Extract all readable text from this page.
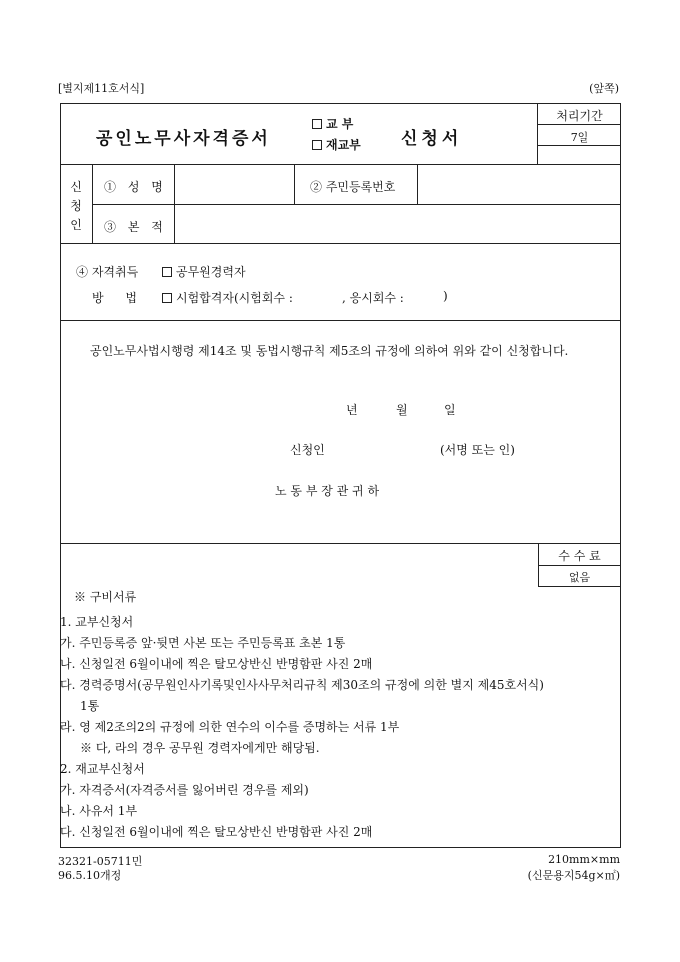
[별지제11호서식]	(앞쪽)
공인노무사자격증서
교 부
재교부 신청서
처리기간
7일
신
청
인
① 성 명	② 주민등록번호
③ 본 적
④ 자격취득
방 법
공무원경력자
시험합격자(시험회수 :	, 응시회수 :	)
공인노무사법시행령 제14조 및 동법시행규칙 제5조의 규정에 의하여 위와 같이 신청합니다.
년	월	일
신청인	(서명 또는 인)
노 동 부 장 관 귀 하
수 수 료
없음
※ 구비서류
1. 교부신청서
가. 주민등록증 앞·뒷면 사본 또는 주민등록표 초본 1통
나. 신청일전 6월이내에 찍은 탈모상반신 반명함판 사진 2매
다. 경력증명서(공무원인사기록및인사사무처리규칙 제30조의 규정에 의한 별지 제45호서식)
1통
라. 영 제2조의2의 규정에 의한 연수의 이수를 증명하는 서류 1부
※ 다, 라의 경우 공무원 경력자에게만 해당됨.
2. 재교부신청서
가. 자격증서(자격증서를 잃어버린 경우를 제외)
나. 사유서 1부
다. 신청일전 6월이내에 찍은 탈모상반신 반명함판 사진 2매
32321-05711민
96.5.10개정
210mm×mm
(신문용지54g×㎡)
